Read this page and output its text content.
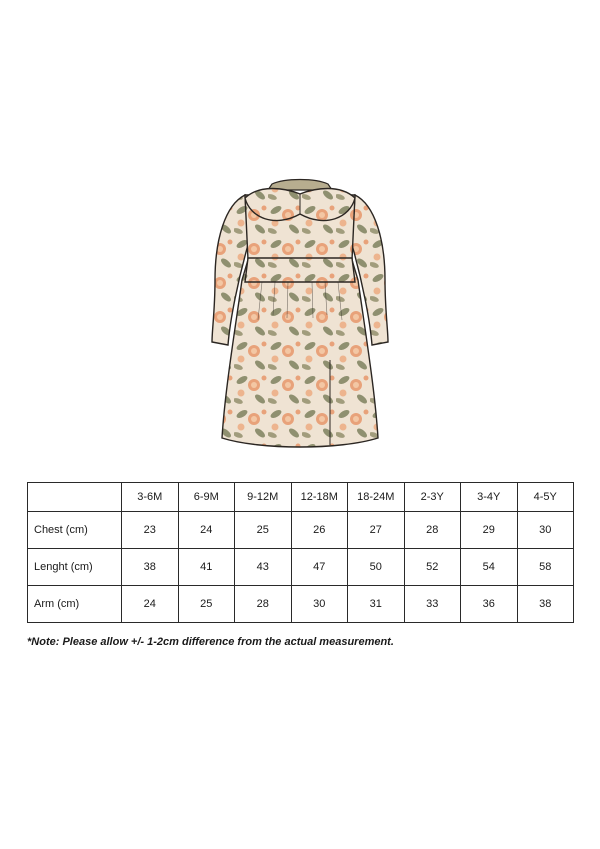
	3-6M	6-9M	9-12M	12-18M	18-24M	2-3Y	3-4Y	4-5Y
Chest (cm)	23	24	25	26	27	28	29	30
Lenght (cm)	38	41	43	47	50	52	54	58
Arm (cm)	24	25	28	30	31	33	36	38
*Note: Please allow +/- 1-2cm difference from the actual measurement.
